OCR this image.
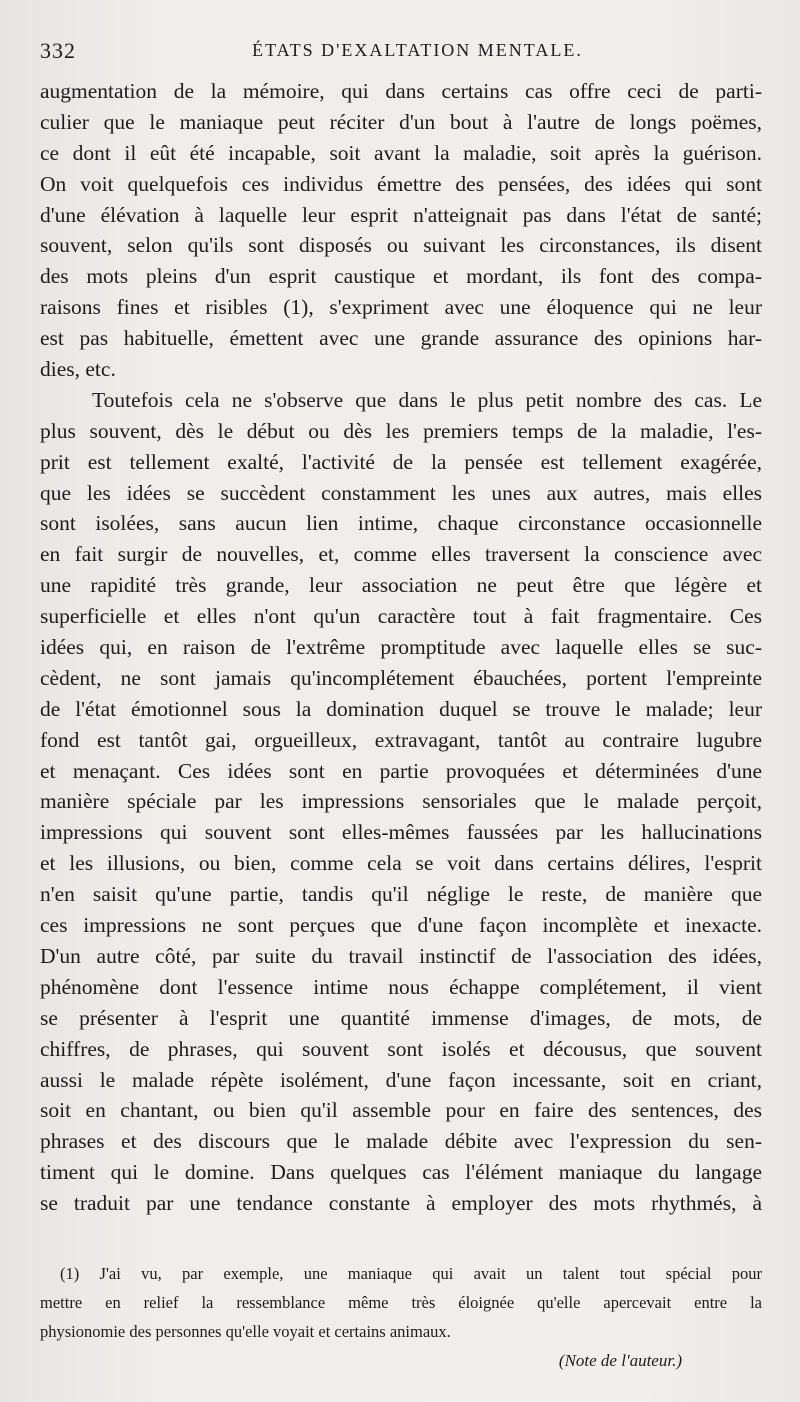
332	ÉTATS D'EXALTATION MENTALE.
augmentation de la mémoire, qui dans certains cas offre ceci de parti-
culier que le maniaque peut réciter d'un bout à l'autre de longs poëmes,
ce dont il eût été incapable, soit avant la maladie, soit après la guérison.
On voit quelquefois ces individus émettre des pensées, des idées qui sont
d'une élévation à laquelle leur esprit n'atteignait pas dans l'état de santé;
souvent, selon qu'ils sont disposés ou suivant les circonstances, ils disent
des mots pleins d'un esprit caustique et mordant, ils font des compa-
raisons fines et risibles (1), s'expriment avec une éloquence qui ne leur
est pas habituelle, émettent avec une grande assurance des opinions har-
dies, etc.
Toutefois cela ne s'observe que dans le plus petit nombre des cas. Le
plus souvent, dès le début ou dès les premiers temps de la maladie, l'es-
prit est tellement exalté, l'activité de la pensée est tellement exagérée,
que les idées se succèdent constamment les unes aux autres, mais elles
sont isolées, sans aucun lien intime, chaque circonstance occasionnelle
en fait surgir de nouvelles, et, comme elles traversent la conscience avec
une rapidité très grande, leur association ne peut être que légère et
superficielle et elles n'ont qu'un caractère tout à fait fragmentaire. Ces
idées qui, en raison de l'extrême promptitude avec laquelle elles se suc-
cèdent, ne sont jamais qu'incomplétement ébauchées, portent l'empreinte
de l'état émotionnel sous la domination duquel se trouve le malade; leur
fond est tantôt gai, orgueilleux, extravagant, tantôt au contraire lugubre
et menaçant. Ces idées sont en partie provoquées et déterminées d'une
manière spéciale par les impressions sensoriales que le malade perçoit,
impressions qui souvent sont elles-mêmes faussées par les hallucinations
et les illusions, ou bien, comme cela se voit dans certains délires, l'esprit
n'en saisit qu'une partie, tandis qu'il néglige le reste, de manière que
ces impressions ne sont perçues que d'une façon incomplète et inexacte.
D'un autre côté, par suite du travail instinctif de l'association des idées,
phénomène dont l'essence intime nous échappe complétement, il vient
se présenter à l'esprit une quantité immense d'images, de mots, de
chiffres, de phrases, qui souvent sont isolés et décousus, que souvent
aussi le malade répète isolément, d'une façon incessante, soit en criant,
soit en chantant, ou bien qu'il assemble pour en faire des sentences, des
phrases et des discours que le malade débite avec l'expression du sen-
timent qui le domine. Dans quelques cas l'élément maniaque du langage
se traduit par une tendance constante à employer des mots rhythmés, à
(1) J'ai vu, par exemple, une maniaque qui avait un talent tout spécial pour
mettre en relief la ressemblance même très éloignée qu'elle apercevait entre la
physionomie des personnes qu'elle voyait et certains animaux.
(Note de l'auteur.)
